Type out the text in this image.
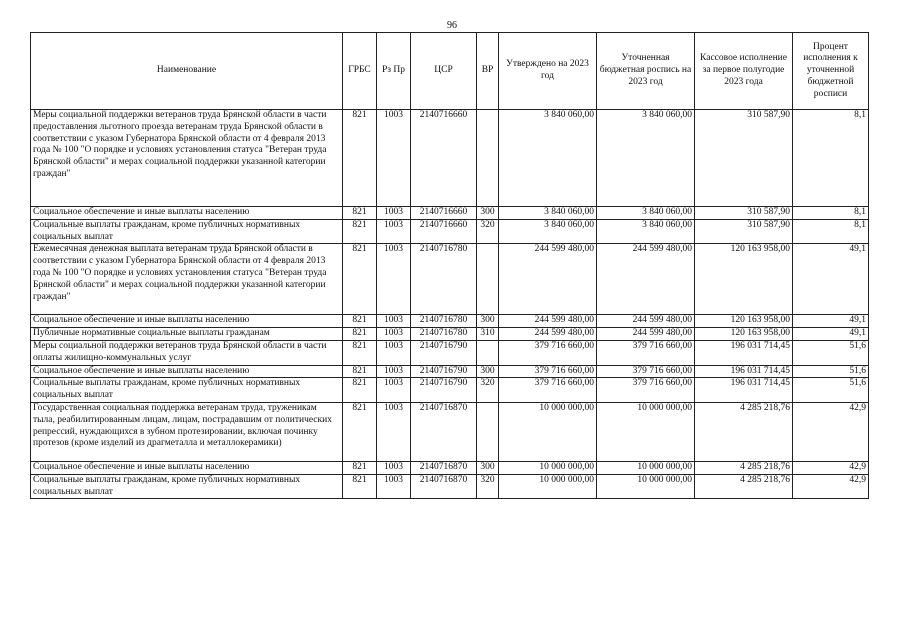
96
Наименование	ГРБС	Рз Пр	ЦСР	ВР	Утверждено на 2023 год	Уточненная бюджетная роспись на 2023 год	Кассовое исполнение за первое полугодие 2023 года	Процент исполнения к уточненной бюджетной росписи
Меры социальной поддержки ветеранов труда Брянской области в части предоставления льготного проезда ветеранам труда Брянской области в соответствии с указом Губернатора Брянской области от 4 февраля 2013 года № 100 "О порядке и условиях установления статуса "Ветеран труда Брянской области" и мерах социальной поддержки указанной категории граждан"	821	1003	2140716660		3 840 060,00	3 840 060,00	310 587,90	8,1
Социальное обеспечение и иные выплаты населению	821	1003	2140716660	300	3 840 060,00	3 840 060,00	310 587,90	8,1
Социальные выплаты гражданам, кроме публичных нормативных социальных выплат	821	1003	2140716660	320	3 840 060,00	3 840 060,00	310 587,90	8,1
Ежемесячная денежная выплата ветеранам труда Брянской области в соответствии с указом Губернатора Брянской области от 4 февраля 2013 года № 100 "О порядке и условиях установления статуса "Ветеран труда Брянской области" и мерах социальной поддержки указанной категории граждан"	821	1003	2140716780		244 599 480,00	244 599 480,00	120 163 958,00	49,1
Социальное обеспечение и иные выплаты населению	821	1003	2140716780	300	244 599 480,00	244 599 480,00	120 163 958,00	49,1
Публичные нормативные социальные выплаты гражданам	821	1003	2140716780	310	244 599 480,00	244 599 480,00	120 163 958,00	49,1
Меры социальной поддержки ветеранов труда Брянской области в части оплаты жилищно-коммунальных услуг	821	1003	2140716790		379 716 660,00	379 716 660,00	196 031 714,45	51,6
Социальное обеспечение и иные выплаты населению	821	1003	2140716790	300	379 716 660,00	379 716 660,00	196 031 714,45	51,6
Социальные выплаты гражданам, кроме публичных нормативных социальных выплат	821	1003	2140716790	320	379 716 660,00	379 716 660,00	196 031 714,45	51,6
Государственная социальная поддержка ветеранам труда, труженикам тыла, реабилитированным лицам, лицам, пострадавшим от политических репрессий, нуждающихся в зубном протезировании, включая починку протезов (кроме изделий из драгметалла и металлокерамики)	821	1003	2140716870		10 000 000,00	10 000 000,00	4 285 218,76	42,9
Социальное обеспечение и иные выплаты населению	821	1003	2140716870	300	10 000 000,00	10 000 000,00	4 285 218,76	42,9
Социальные выплаты гражданам, кроме публичных нормативных социальных выплат	821	1003	2140716870	320	10 000 000,00	10 000 000,00	4 285 218,76	42,9
